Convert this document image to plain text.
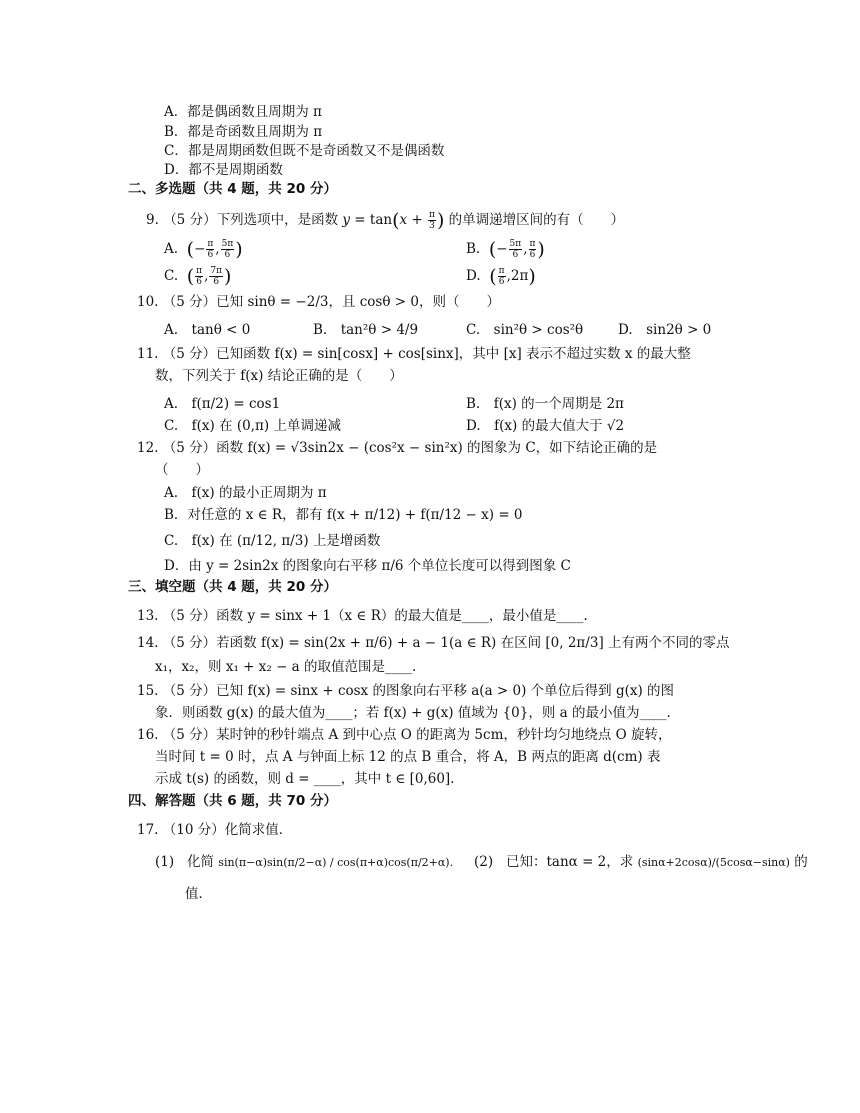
A．都是偶函数且周期为 π
B．都是奇函数且周期为 π
C．都是周期函数但既不是奇函数又不是偶函数
D．都不是周期函数
二、多选题（共 4 题，共 20 分）
9. （5 分）下列选项中，是函数 $y = \tan(x + \frac{\pi}{3}$ ) 的单调递增区间的有（　　）
A. (− $\frac{\pi}{6}$ , $\frac{5\pi}{6}$ )	B. (− $\frac{5\pi}{6}$ , $\frac{\pi}{6}$ )
C. ( $\frac{\pi}{6}$ , $\frac{7\pi}{6}$ )	D. ( $\frac{\pi}{6} ,2\pi$)
10. （5 分）已知 sinθ = −2/3，且 cosθ > 0，则（　　）
A.　tanθ < 0	B.　tan²θ > 4/9	C.　sin²θ > cos²θ	D.　sin2θ > 0
11. （5 分）已知函数 f(x) = sin[cosx] + cos[sinx]，其中 [x] 表示不超过实数 x 的最大整
数，下列关于 f(x) 结论正确的是（　　）
A.　f(π/2) = cos1	B.　f(x) 的一个周期是 2π
C.　f(x) 在 (0,π) 上单调递减	D.　f(x) 的最大值大于 √2
12. （5 分）函数 f(x) = √3sin2x − (cos²x − sin²x) 的图象为 C，如下结论正确的是
（　　）
A.　f(x) 的最小正周期为 π
B．对任意的 x ∈ R，都有 f(x + π/12) + f(π/12 − x) = 0
C.　f(x) 在 (π/12, π/3) 上是增函数
D．由 y = 2sin2x 的图象向右平移 π/6 个单位长度可以得到图象 C
三、填空题（共 4 题，共 20 分）
13. （5 分）函数 y = sinx + 1（x ∈ R）的最大值是____，最小值是____.
14. （5 分）若函数 f(x) = sin(2x + π/6) + a − 1(a ∈ R) 在区间 [0, 2π/3] 上有两个不同的零点
x₁，x₂，则 x₁ + x₂ − a 的取值范围是____.
15. （5 分）已知 f(x) = sinx + cosx 的图象向右平移 a(a > 0) 个单位后得到 g(x) 的图
象．则函数 g(x) 的最大值为____；若 f(x) + g(x) 值域为 {0}，则 a 的最小值为____.
16. （5 分）某时钟的秒针端点 A 到中心点 O 的距离为 5cm，秒针均匀地绕点 O 旋转，
当时间 t = 0 时，点 A 与钟面上标 12 的点 B 重合，将 A，B 两点的距离 d(cm) 表
示成 t(s) 的函数，则 d = ____，其中 t ∈ [0,60].
四、解答题（共 6 题，共 70 分）
17. （10 分）化简求值．
(1) 化简 sin(π−α)sin(π/2−α) / cos(π+α)cos(π/2+α).
值．
(2) 已知：tanα = 2，求 (sinα+2cosα)/(5cosα−sinα) 的
